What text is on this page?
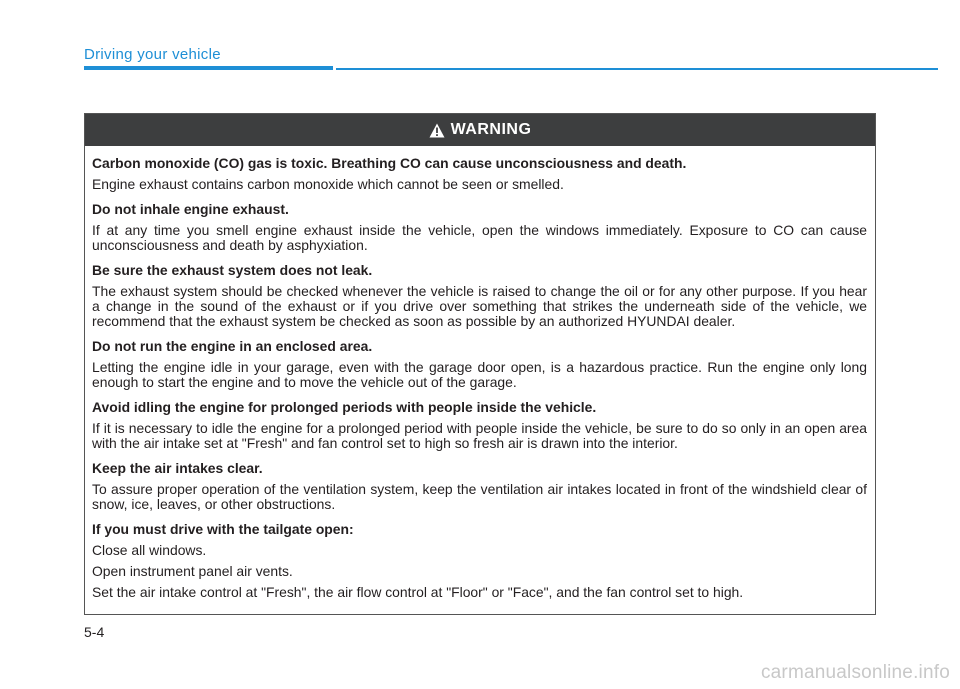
Driving your vehicle
WARNING

Carbon monoxide (CO) gas is toxic. Breathing CO can cause unconsciousness and death.

Engine exhaust contains carbon monoxide which cannot be seen or smelled.

Do not inhale engine exhaust.

If at any time you smell engine exhaust inside the vehicle, open the windows immediately. Exposure to CO can cause unconsciousness and death by asphyxiation.

Be sure the exhaust system does not leak.

The exhaust system should be checked whenever the vehicle is raised to change the oil or for any other purpose. If you hear a change in the sound of the exhaust or if you drive over something that strikes the underneath side of the vehicle, we recommend that the exhaust system be checked as soon as possible by an authorized HYUNDAI dealer.

Do not run the engine in an enclosed area.

Letting the engine idle in your garage, even with the garage door open, is a hazardous practice. Run the engine only long enough to start the engine and to move the vehicle out of the garage.

Avoid idling the engine for prolonged periods with people inside the vehicle.

If it is necessary to idle the engine for a prolonged period with people inside the vehicle, be sure to do so only in an open area with the air intake set at "Fresh" and fan control set to high so fresh air is drawn into the interior.

Keep the air intakes clear.

To assure proper operation of the ventilation system, keep the ventilation air intakes located in front of the windshield clear of snow, ice, leaves, or other obstructions.

If you must drive with the tailgate open:

Close all windows.

Open instrument panel air vents.

Set the air intake control at "Fresh", the air flow control at "Floor" or "Face", and the fan control set to high.

5-4
carmanualsonline.info
